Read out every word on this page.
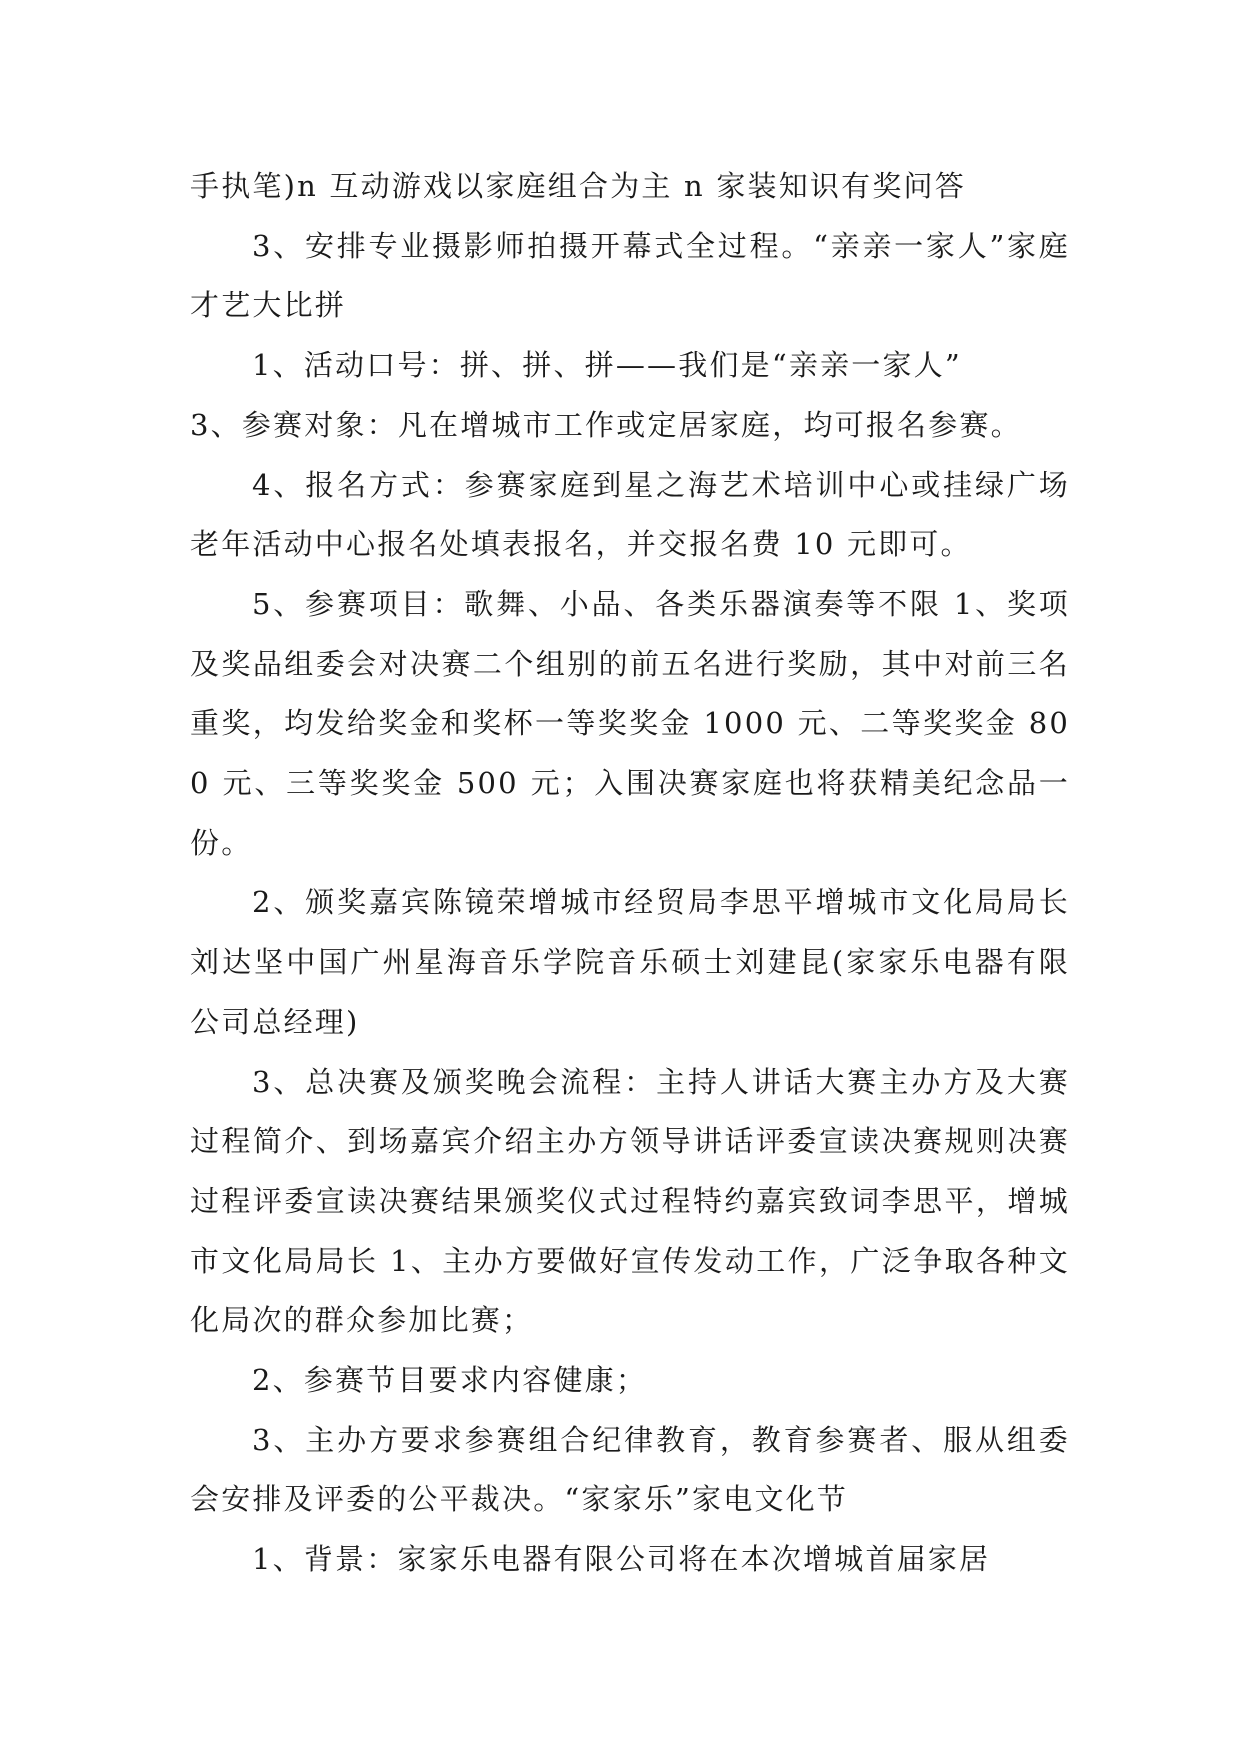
手执笔)n 互动游戏以家庭组合为主 n 家装知识有奖问答

3、安排专业摄影师拍摄开幕式全过程。“亲亲一家人”家庭才艺大比拼

1、活动口号：拼、拼、拼——我们是“亲亲一家人”

3、参赛对象：凡在增城市工作或定居家庭，均可报名参赛。

4、报名方式：参赛家庭到星之海艺术培训中心或挂绿广场老年活动中心报名处填表报名，并交报名费 10 元即可。

5、参赛项目：歌舞、小品、各类乐器演奏等不限 1、奖项及奖品组委会对决赛二个组别的前五名进行奖励，其中对前三名重奖，均发给奖金和奖杯一等奖奖金 1000 元、二等奖奖金 800 元、三等奖奖金 500 元；入围决赛家庭也将获精美纪念品一份。

2、颁奖嘉宾陈镜荣增城市经贸局李思平增城市文化局局长刘达坚中国广州星海音乐学院音乐硕士刘建昆(家家乐电器有限公司总经理)

3、总决赛及颁奖晚会流程：主持人讲话大赛主办方及大赛过程简介、到场嘉宾介绍主办方领导讲话评委宣读决赛规则决赛过程评委宣读决赛结果颁奖仪式过程特约嘉宾致词李思平，增城市文化局局长 1、主办方要做好宣传发动工作，广泛争取各种文化局次的群众参加比赛；

2、参赛节目要求内容健康；

3、主办方要求参赛组合纪律教育，教育参赛者、服从组委会安排及评委的公平裁决。“家家乐”家电文化节

1、背景：家家乐电器有限公司将在本次增城首届家居
